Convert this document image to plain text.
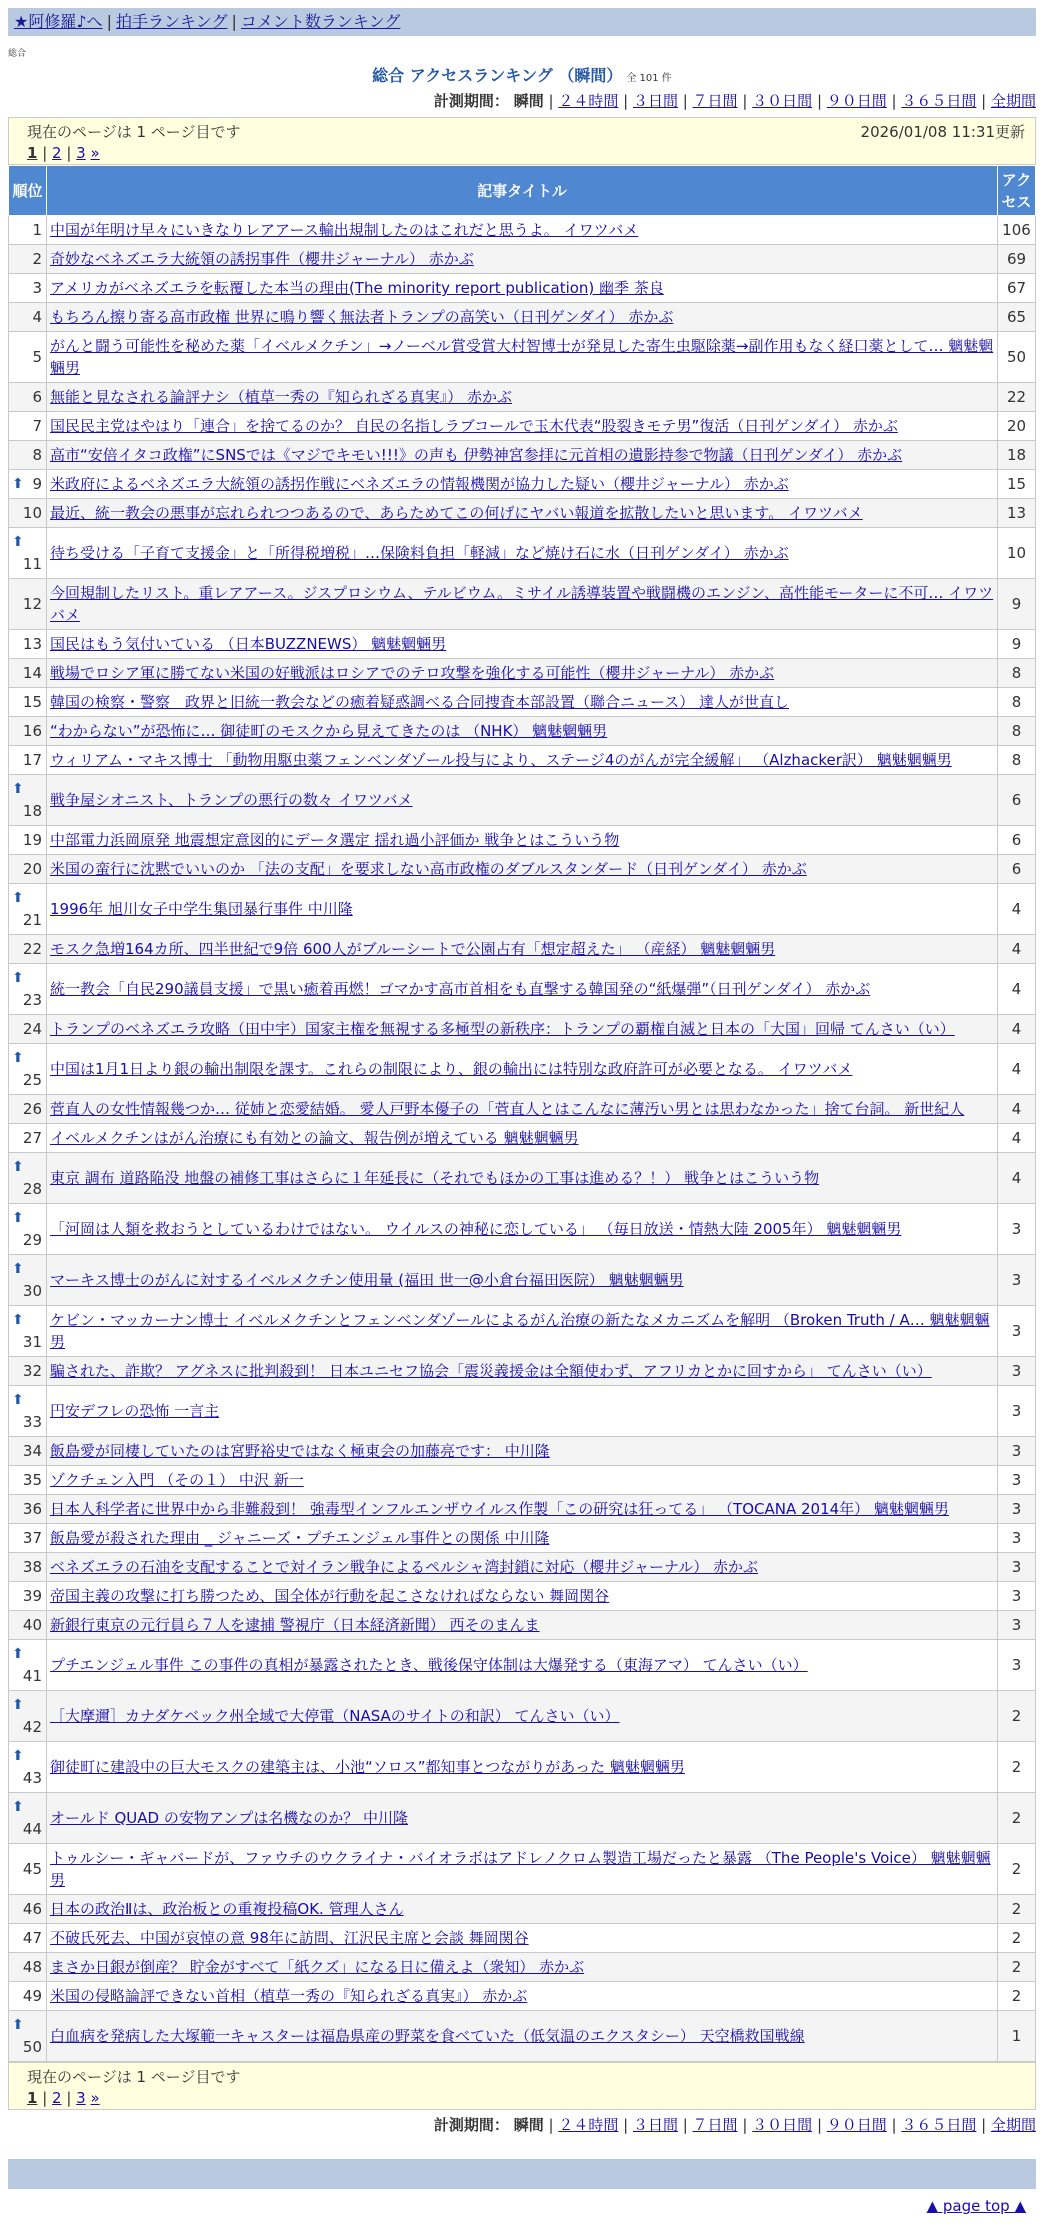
★阿修羅♪へ | 拍手ランキング | コメント数ランキング
総合
総合 アクセスランキング （瞬間） 全 101 件
計測期間： 瞬間 | ２４時間 | ３日間 | ７日間 | ３０日間 | ９０日間 | ３６５日間 | 全期間
現在のページは 1 ページ目です	2026/01/08 11:31更新
1 | 2 | 3 »
順位	記事タイトル	アクセス
1	中国が年明け早々にいきなりレアアース輸出規制したのはこれだと思うよ。 イワツバメ	106
2	奇妙なベネズエラ大統領の誘拐事件（櫻井ジャーナル） 赤かぶ	69
3	アメリカがベネズエラを転覆した本当の理由(The minority report publication) 幽季 茶良	67
4	もちろん擦り寄る高市政権 世界に鳴り響く無法者トランプの高笑い（日刊ゲンダイ） 赤かぶ	65
5	がんと闘う可能性を秘めた薬「イベルメクチン」→ノーベル賞受賞大村智博士が発見した寄生虫駆除薬→副作用もなく経口薬として… 魑魅魍魎男	50
6	無能と見なされる論評ナシ（植草一秀の『知られざる真実』） 赤かぶ	22
7	国民民主党はやはり「連合」を捨てるのか？ 自民の名指しラブコールで玉木代表“股裂きモテ男”復活（日刊ゲンダイ） 赤かぶ	20
8	高市“安倍イタコ政権”にSNSでは《マジでキモい!!!》の声も 伊勢神宮参拝に元首相の遺影持参で物議（日刊ゲンダイ） 赤かぶ	18

⬆ 9	米政府によるベネズエラ大統領の誘拐作戦にベネズエラの情報機関が協力した疑い（櫻井ジャーナル） 赤かぶ	15
10	最近、統一教会の悪事が忘れられつつあるので、あらためてこの何げにヤバい報道を拡散したいと思います。 イワツバメ	13

⬆
11	待ち受ける「子育て支援金」と「所得税増税」…保険料負担「軽減」など焼け石に水（日刊ゲンダイ） 赤かぶ	10
12	今回規制したリスト。重レアアース。ジスプロシウム、テルビウム。ミサイル誘導装置や戦闘機のエンジン、高性能モーターに不可… イワツバメ	9
13	国民はもう気付いている （日本BUZZNEWS） 魑魅魍魎男	9
14	戦場でロシア軍に勝てない米国の好戦派はロシアでのテロ攻撃を強化する可能性（櫻井ジャーナル） 赤かぶ	8
15	韓国の検察・警察　政界と旧統一教会などの癒着疑惑調べる合同捜査本部設置（聯合ニュース） 達人が世直し	8
16	“わからない”が恐怖に… 御徒町のモスクから見えてきたのは （NHK） 魑魅魍魎男	8
17	ウィリアム・マキス博士 「動物用駆虫薬フェンベンダゾール投与により、ステージ4のがんが完全緩解」 （Alzhacker訳） 魑魅魍魎男	8

⬆
18	戦争屋シオニスト、トランプの悪行の数々 イワツバメ	6
19	中部電力浜岡原発 地震想定意図的にデータ選定 揺れ過小評価か 戦争とはこういう物	6
20	米国の蛮行に沈黙でいいのか 「法の支配」を要求しない高市政権のダブルスタンダード（日刊ゲンダイ） 赤かぶ	6

⬆
21	1996年 旭川女子中学生集団暴行事件 中川隆	4
22	モスク急増164カ所、四半世紀で9倍 600人がブルーシートで公園占有「想定超えた」 （産経） 魑魅魍魎男	4

⬆
23	統一教会「自民290議員支援」で黒い癒着再燃！ゴマかす高市首相をも直撃する韓国発の“紙爆弾”（日刊ゲンダイ） 赤かぶ	4
24	トランプのベネズエラ攻略（田中宇）国家主権を無視する多極型の新秩序：トランプの覇権自滅と日本の「大国」回帰 てんさい（い）	4

⬆
25	中国は1月1日より銀の輸出制限を課す。これらの制限により、銀の輸出には特別な政府許可が必要となる。 イワツバメ	4
26	菅直人の女性情報幾つか… 従姉と恋愛結婚。 愛人戸野本優子の「菅直人とはこんなに薄汚い男とは思わなかった」捨て台詞。 新世紀人	4
27	イベルメクチンはがん治療にも有効との論文、報告例が増えている 魑魅魍魎男	4

⬆
28	東京 調布 道路陥没 地盤の補修工事はさらに１年延長に（それでもほかの工事は進める？！） 戦争とはこういう物	4

⬆
29	「河岡は人類を救おうとしているわけではない。 ウイルスの神秘に恋している」 （毎日放送・情熱大陸 2005年） 魑魅魍魎男	3

⬆
30	マーキス博士のがんに対するイベルメクチン使用量 (福田 世一@小倉台福田医院） 魑魅魍魎男	3

⬆
31	ケビン・マッカーナン博士 イベルメクチンとフェンベンダゾールによるがん治療の新たなメカニズムを解明 （Broken Truth / A… 魑魅魍魎男	3
32	騙された、詐欺？ アグネスに批判殺到！ 日本ユニセフ協会「震災義援金は全額使わず、アフリカとかに回すから」 てんさい（い）	3

⬆
33	円安デフレの恐怖 一言主	3
34	飯島愛が同棲していたのは宮野裕史ではなく極東会の加藤亮です： 中川隆	3
35	ゾクチェン入門 （その１） 中沢 新一	3
36	日本人科学者に世界中から非難殺到！ 強毒型インフルエンザウイルス作製「この研究は狂ってる」 （TOCANA 2014年） 魑魅魍魎男	3
37	飯島愛が殺された理由 _ ジャニーズ・プチエンジェル事件との関係 中川隆	3
38	ベネズエラの石油を支配することで対イラン戦争によるペルシャ湾封鎖に対応（櫻井ジャーナル） 赤かぶ	3
39	帝国主義の攻撃に打ち勝つため、国全体が行動を起こさなければならない 舞岡関谷	3
40	新銀行東京の元行員ら７人を逮捕 警視庁（日本経済新聞） 西そのまんま	3

⬆
41	プチエンジェル事件 この事件の真相が暴露されたとき、戦後保守体制は大爆発する（東海アマ） てんさい（い）	3

⬆
42	［大摩邇］カナダケベック州全域で大停電（NASAのサイトの和訳） てんさい（い）	2

⬆
43	御徒町に建設中の巨大モスクの建築主は、小池“ソロス”都知事とつながりがあった 魑魅魍魎男	2

⬆
44	オールド QUAD の安物アンプは名機なのか？ 中川隆	2
45	トゥルシー・ギャバードが、ファウチのウクライナ・バイオラボはアドレノクロム製造工場だったと暴露 （The People's Voice） 魑魅魍魎男	2
46	日本の政治Ⅱは、政治板との重複投稿OK. 管理人さん	2
47	不破氏死去、中国が哀悼の意 98年に訪問、江沢民主席と会談 舞岡関谷	2
48	まさか日銀が倒産？ 貯金がすべて「紙クズ」になる日に備えよ（衆知） 赤かぶ	2
49	米国の侵略論評できない首相（植草一秀の『知られざる真実』） 赤かぶ	2

⬆
50	白血病を発病した大塚範一キャスターは福島県産の野菜を食べていた（低気温のエクスタシー） 天空橋救国戦線	1
現在のページは 1 ページ目です
1 | 2 | 3 »
計測期間： 瞬間 | ２４時間 | ３日間 | ７日間 | ３０日間 | ９０日間 | ３６５日間 | 全期間
▲ page top ▲
